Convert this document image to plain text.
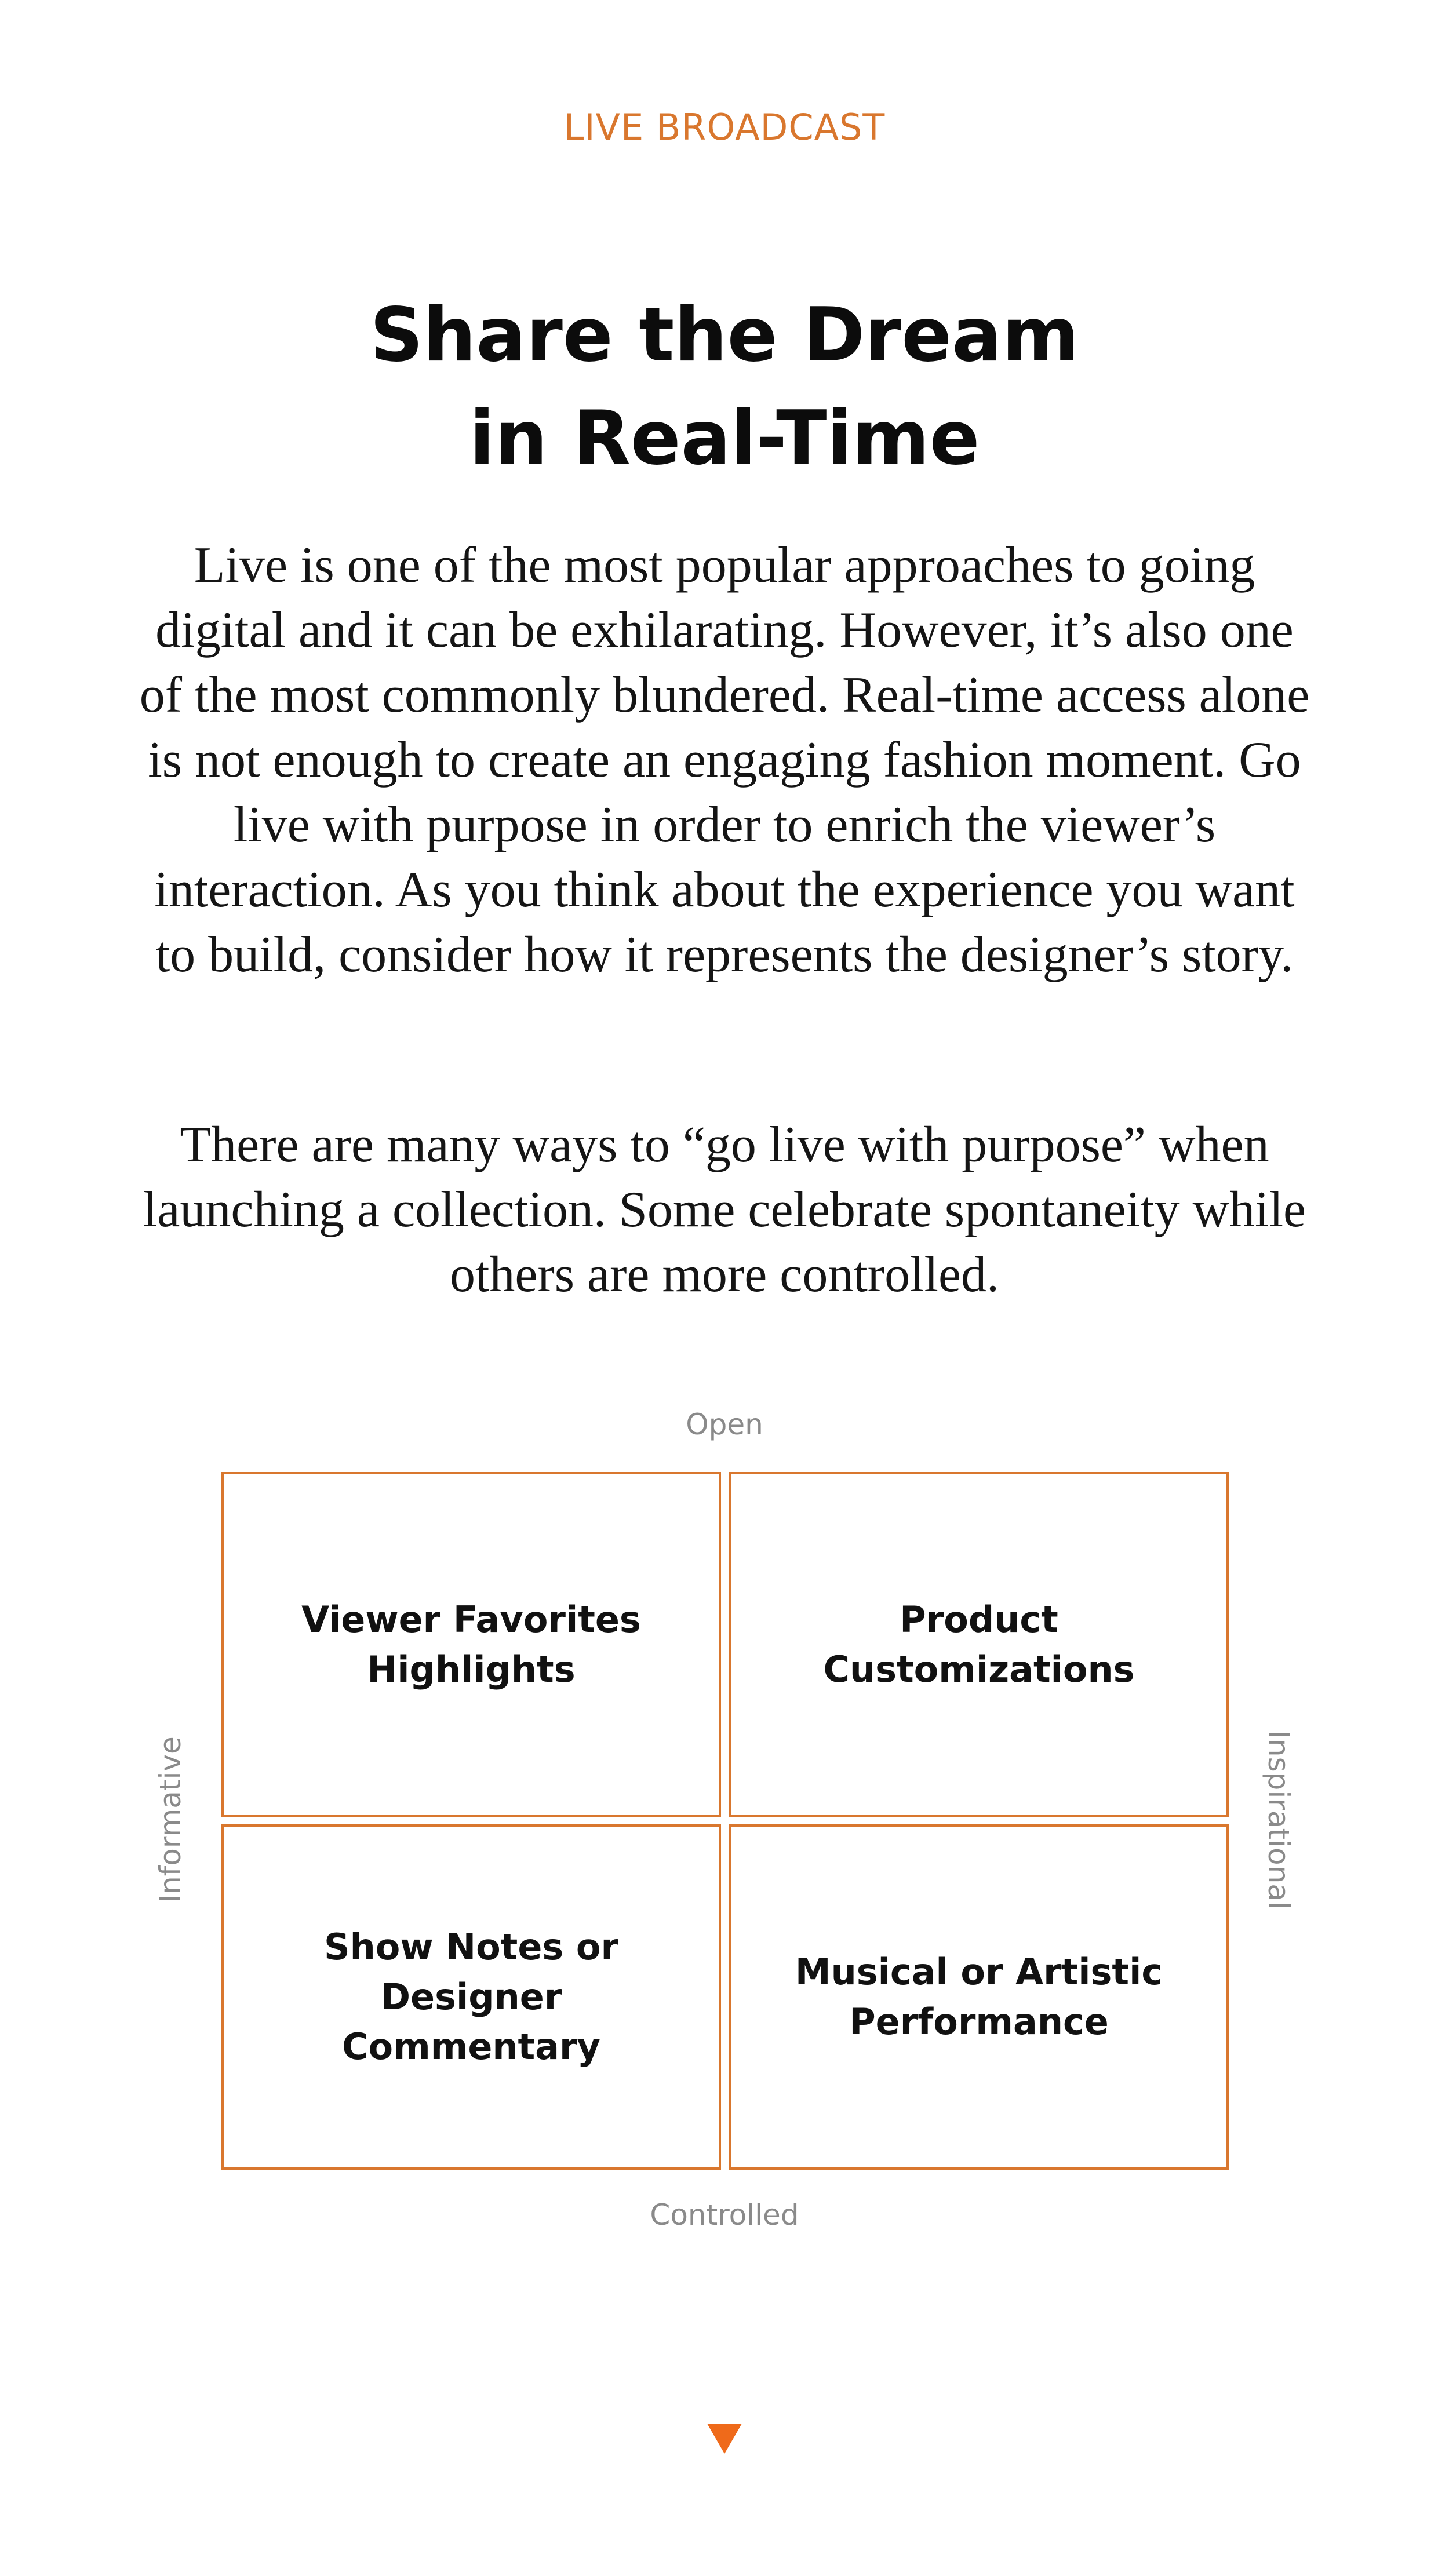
LIVE BROADCAST
Share the Dream
in Real-Time

Live is one of the most popular approaches to going digital and it can be exhilarating. However, it’s also one of the most commonly blundered. Real-time access alone is not enough to create an engaging fashion moment. Go live with purpose in order to enrich the viewer’s interaction. As you think about the experience you want to build, consider how it represents the designer’s story.

There are many ways to “go live with purpose” when launching a collection. Some celebrate spontaneity while others are more controlled.

Open
Controlled
Informative	Inspirational
Viewer Favorites
Highlights
Product
Customizations
Show Notes or Designer
Commentary
Musical or Artistic
Performance
